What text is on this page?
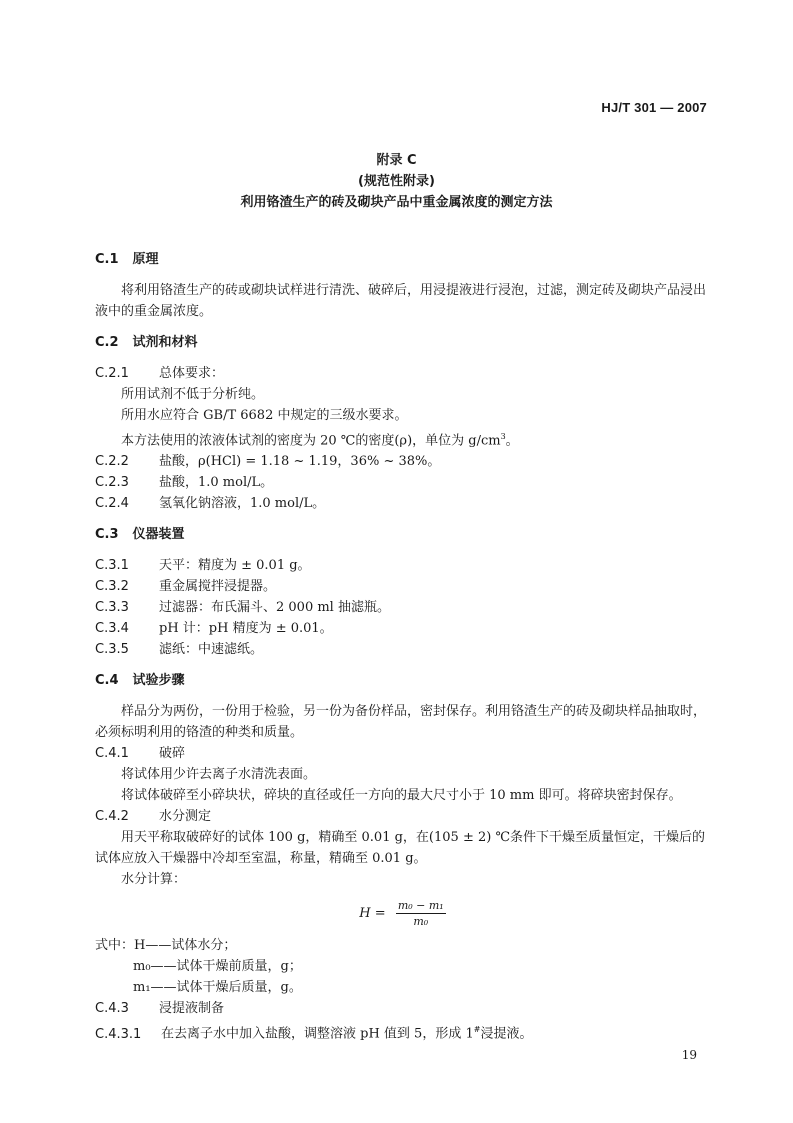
HJ/T 301 — 2007
附录 C
(规范性附录)
利用铬渣生产的砖及砌块产品中重金属浓度的测定方法
C.1 原理

将利用铬渣生产的砖或砌块试样进行清洗、破碎后，用浸提液进行浸泡，过滤，测定砖及砌块产品浸出液中的重金属浓度。

C.2 试剂和材料

C.2.1 总体要求：

所用试剂不低于分析纯。

所用水应符合 GB/T 6682 中规定的三级水要求。

本方法使用的浓液体试剂的密度为 20 ℃的密度(ρ)，单位为 $g/cm^3$。

C.2.2 盐酸，ρ(HCl) = 1.18 ~ 1.19，36% ~ 38%。

C.2.3 盐酸，1.0 mol/L。

C.2.4 氢氧化钠溶液，1.0 mol/L。

C.3 仪器装置

C.3.1 天平：精度为 ± 0.01 g。

C.3.2 重金属搅拌浸提器。

C.3.3 过滤器：布氏漏斗、2 000 ml 抽滤瓶。

C.3.4 pH 计：pH 精度为 ± 0.01。

C.3.5 滤纸：中速滤纸。

C.4 试验步骤

样品分为两份，一份用于检验，另一份为备份样品，密封保存。利用铬渣生产的砖及砌块样品抽取时，必须标明利用的铬渣的种类和质量。

C.4.1 破碎

将试体用少许去离子水清洗表面。

将试体破碎至小碎块状，碎块的直径或任一方向的最大尺寸小于 10 mm 即可。将碎块密封保存。

C.4.2 水分测定

用天平称取破碎好的试体 100 g，精确至 0.01 g，在(105 ± 2) ℃条件下干燥至质量恒定，干燥后的试体应放入干燥器中冷却至室温，称量，精确至 0.01 g。

水分计算：

$H = \frac{\text{m₀ − m₁}}{\text{m₀}}$

式中：H——试体水分；

m₀——试体干燥前质量，g；

m₁——试体干燥后质量，g。

C.4.3 浸提液制备

C.4.3.1 在去离子水中加入盐酸，调整溶液 pH 值到 5，形成 1#浸提液。

19
